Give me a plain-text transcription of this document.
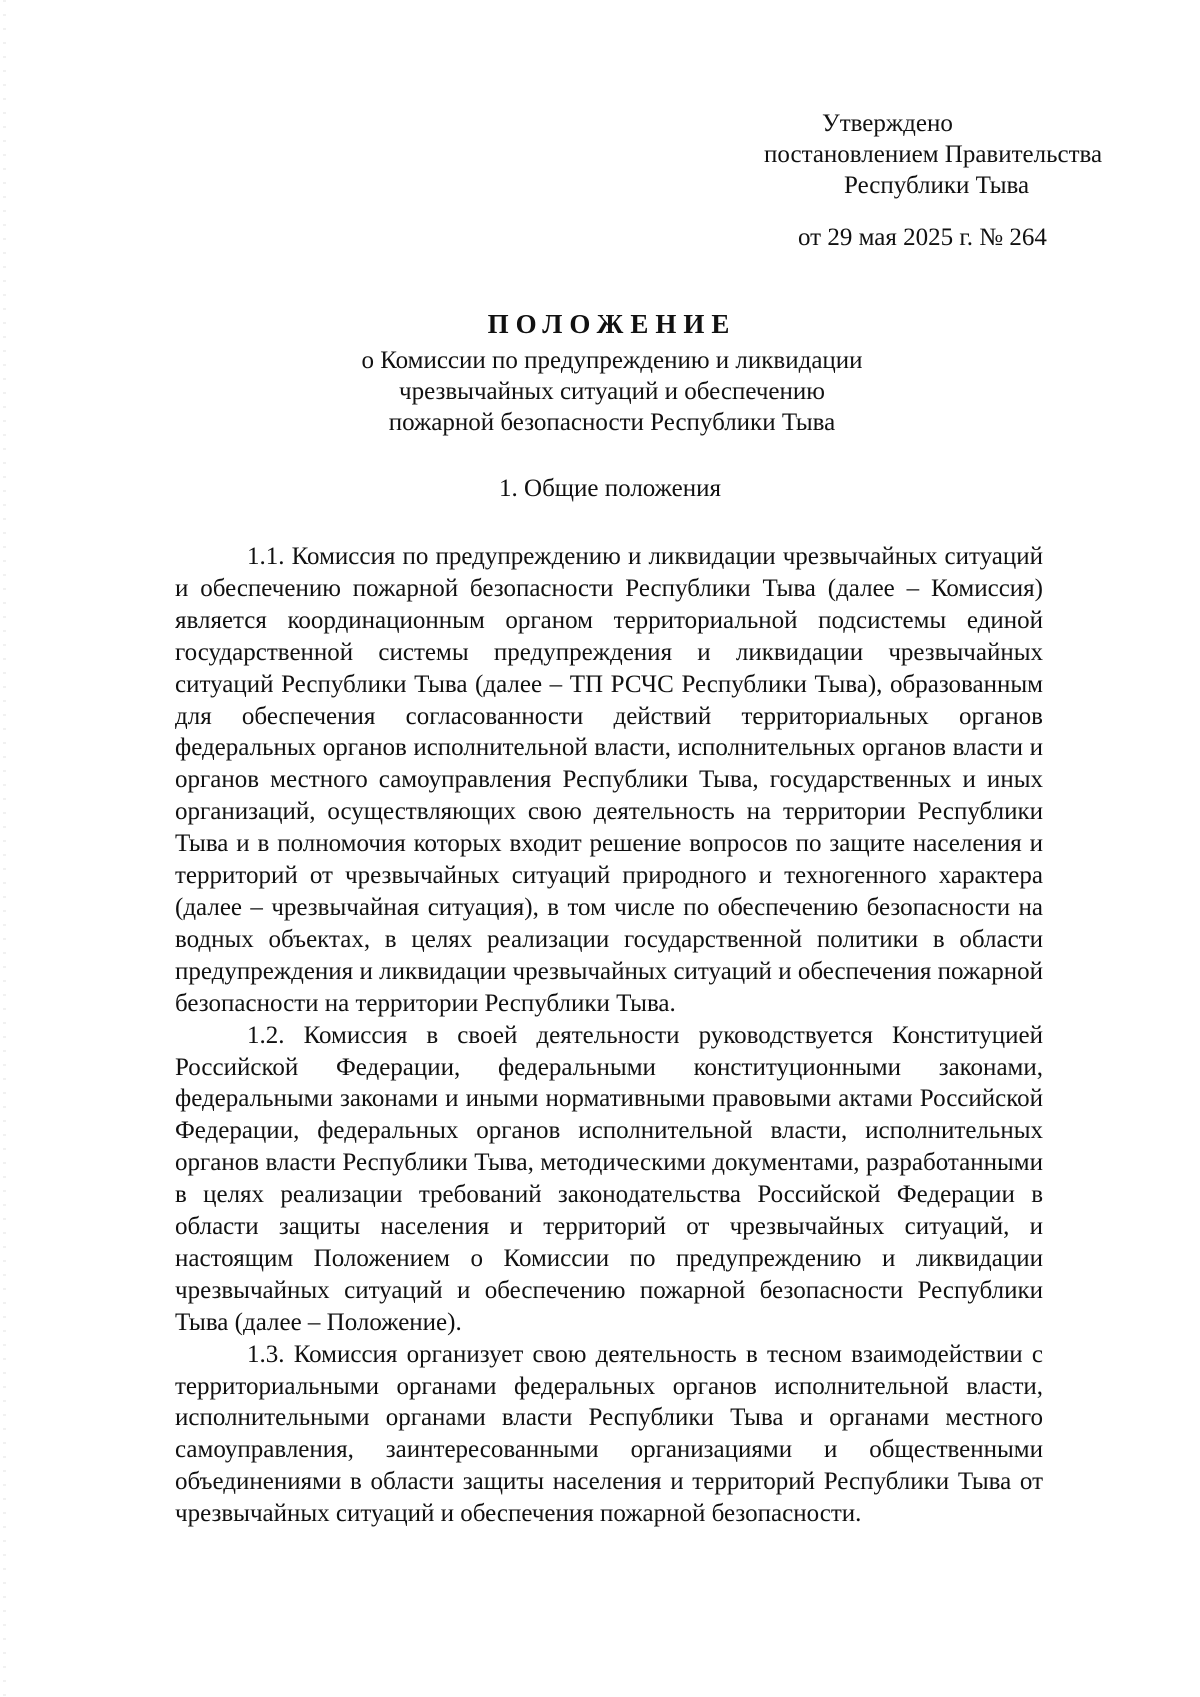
Утверждено
постановлением Правительства
Республики Тыва
от 29 мая 2025 г. № 264
ПОЛОЖЕНИЕ
о Комиссии по предупреждению и ликвидации
чрезвычайных ситуаций и обеспечению
пожарной безопасности Республики Тыва
1. Общие положения

1.1. Комиссия по предупреждению и ликвидации чрезвычайных ситуаций и обеспечению пожарной безопасности Республики Тыва (далее – Комиссия) является координационным органом территориальной подсистемы единой государственной системы предупреждения и ликвидации чрезвычайных ситуаций Республики Тыва (далее – ТП РСЧС Республики Тыва), образованным для обеспечения согласованности действий территориальных органов федеральных органов исполнительной власти, исполнительных органов власти и органов местного самоуправления Республики Тыва, государственных и иных организаций, осуществляющих свою деятельность на территории Республики Тыва и в полномочия которых входит решение вопросов по защите населения и территорий от чрезвычайных ситуаций природного и техногенного характера (далее – чрезвычайная ситуация), в том числе по обеспечению безопасности на водных объектах, в целях реализации государственной политики в области предупреждения и ликвидации чрезвычайных ситуаций и обеспечения пожарной безопасности на территории Республики Тыва.

1.2. Комиссия в своей деятельности руководствуется Конституцией Российской Федерации, федеральными конституционными законами, федеральными законами и иными нормативными правовыми актами Российской Федерации, федеральных органов исполнительной власти, исполнительных органов власти Республики Тыва, методическими документами, разработанными в целях реализации требований законодательства Российской Федерации в области защиты населения и территорий от чрезвычайных ситуаций, и настоящим Положением о Комиссии по предупреждению и ликвидации чрезвычайных ситуаций и обеспечению пожарной безопасности Республики Тыва (далее – Положение).

1.3. Комиссия организует свою деятельность в тесном взаимодействии с территориальными органами федеральных органов исполнительной власти, исполнительными органами власти Республики Тыва и органами местного самоуправления, заинтересованными организациями и общественными объединениями в области защиты населения и территорий Республики Тыва от чрезвычайных ситуаций и обеспечения пожарной безопасности.
